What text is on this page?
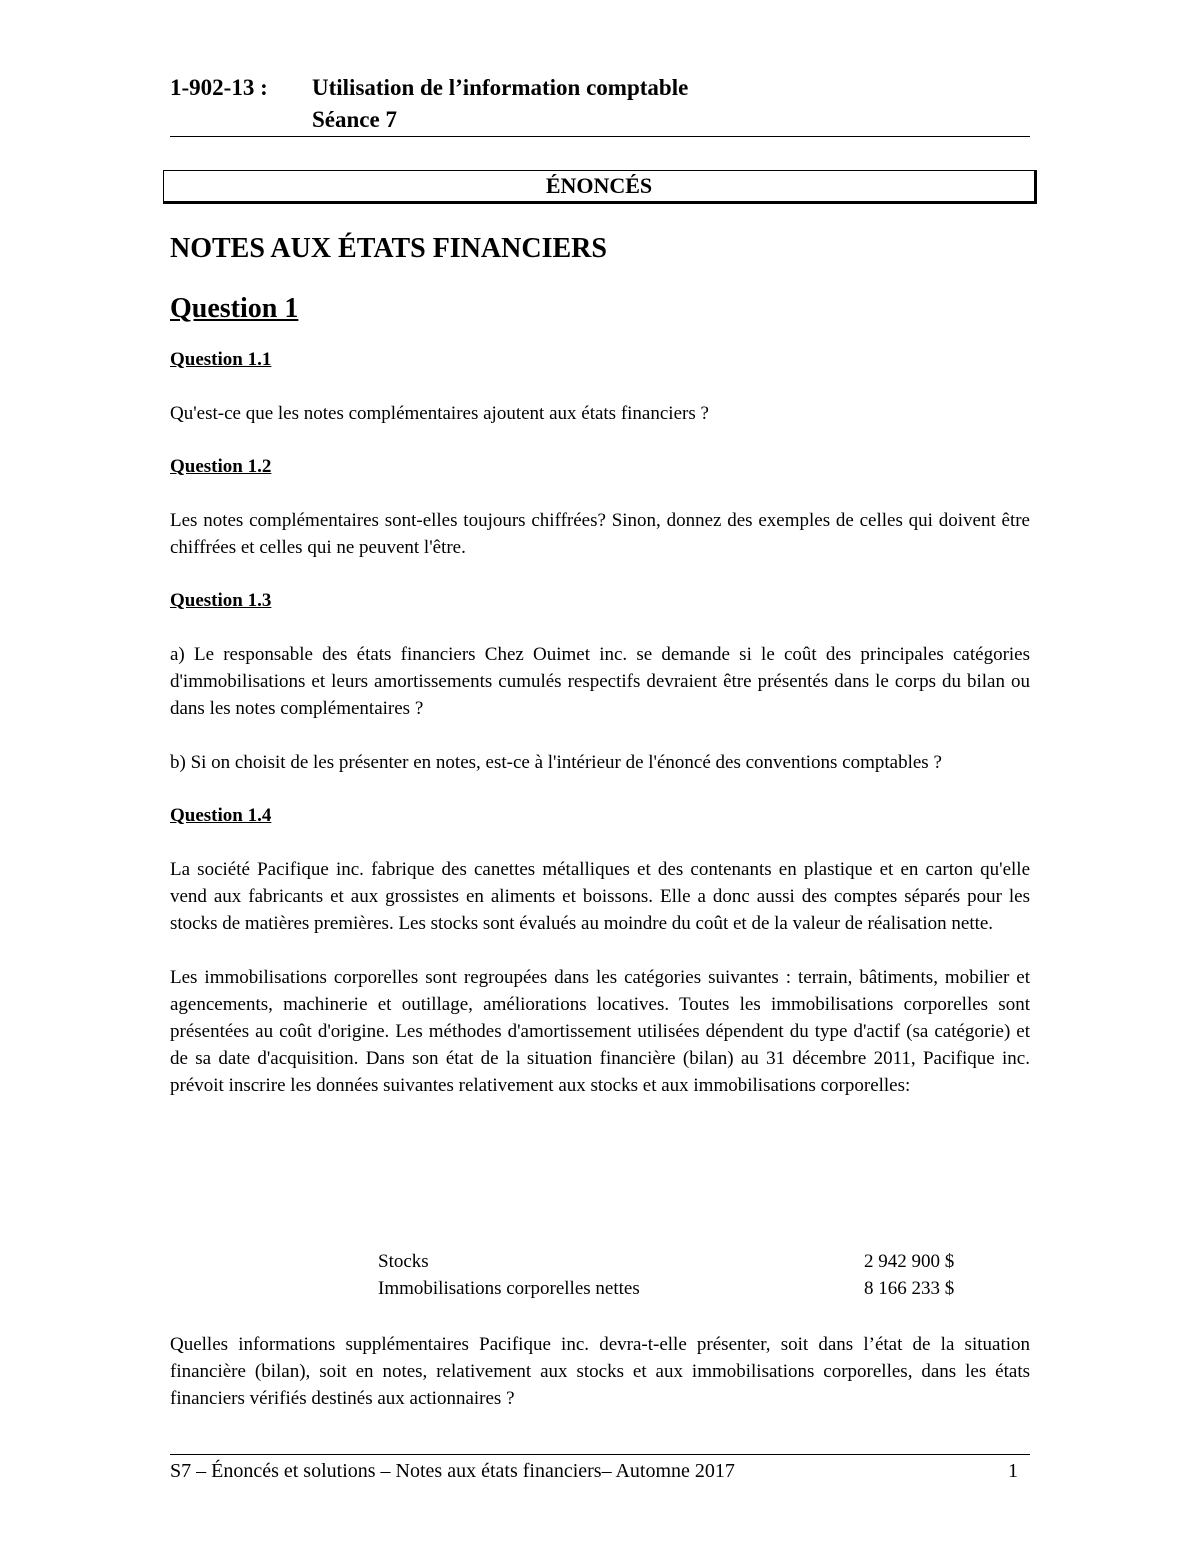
1-902-13 :	Utilisation de l’information comptable
Séance 7
ÉNONCÉS
NOTES AUX ÉTATS FINANCIERS
Question 1
Question 1.1

Qu'est-ce que les notes complémentaires ajoutent aux états financiers ?

Question 1.2

Les notes complémentaires sont-elles toujours chiffrées? Sinon, donnez des exemples de celles qui doivent être chiffrées et celles qui ne peuvent l'être.

Question 1.3

a) Le responsable des états financiers Chez Ouimet inc. se demande si le coût des principales catégories d'immobilisations et leurs amortissements cumulés respectifs devraient être présentés dans le corps du bilan ou dans les notes complémentaires ?

b) Si on choisit de les présenter en notes, est-ce à l'intérieur de l'énoncé des conventions comptables ?

Question 1.4

La société Pacifique inc. fabrique des canettes métalliques et des contenants en plastique et en carton qu'elle vend aux fabricants et aux grossistes en aliments et boissons. Elle a donc aussi des comptes séparés pour les stocks de matières premières. Les stocks sont évalués au moindre du coût et de la valeur de réalisation nette.

Les immobilisations corporelles sont regroupées dans les catégories suivantes : terrain, bâtiments, mobilier et agencements, machinerie et outillage, améliorations locatives. Toutes les immobilisations corporelles sont présentées au coût d'origine. Les méthodes d'amortissement utilisées dépendent du type d'actif (sa catégorie) et de sa date d'acquisition. Dans son état de la situation financière (bilan) au 31 décembre 2011, Pacifique inc. prévoit inscrire les données suivantes relativement aux stocks et aux immobilisations corporelles:

Stocks	2 942 900 $
Immobilisations corporelles nettes	8 166 233 $

Quelles informations supplémentaires Pacifique inc. devra-t-elle présenter, soit dans l’état de la situation financière (bilan), soit en notes, relativement aux stocks et aux immobilisations corporelles, dans les états financiers vérifiés destinés aux actionnaires ?

S7 – Énoncés et solutions – Notes aux états financiers– Automne 2017	1
